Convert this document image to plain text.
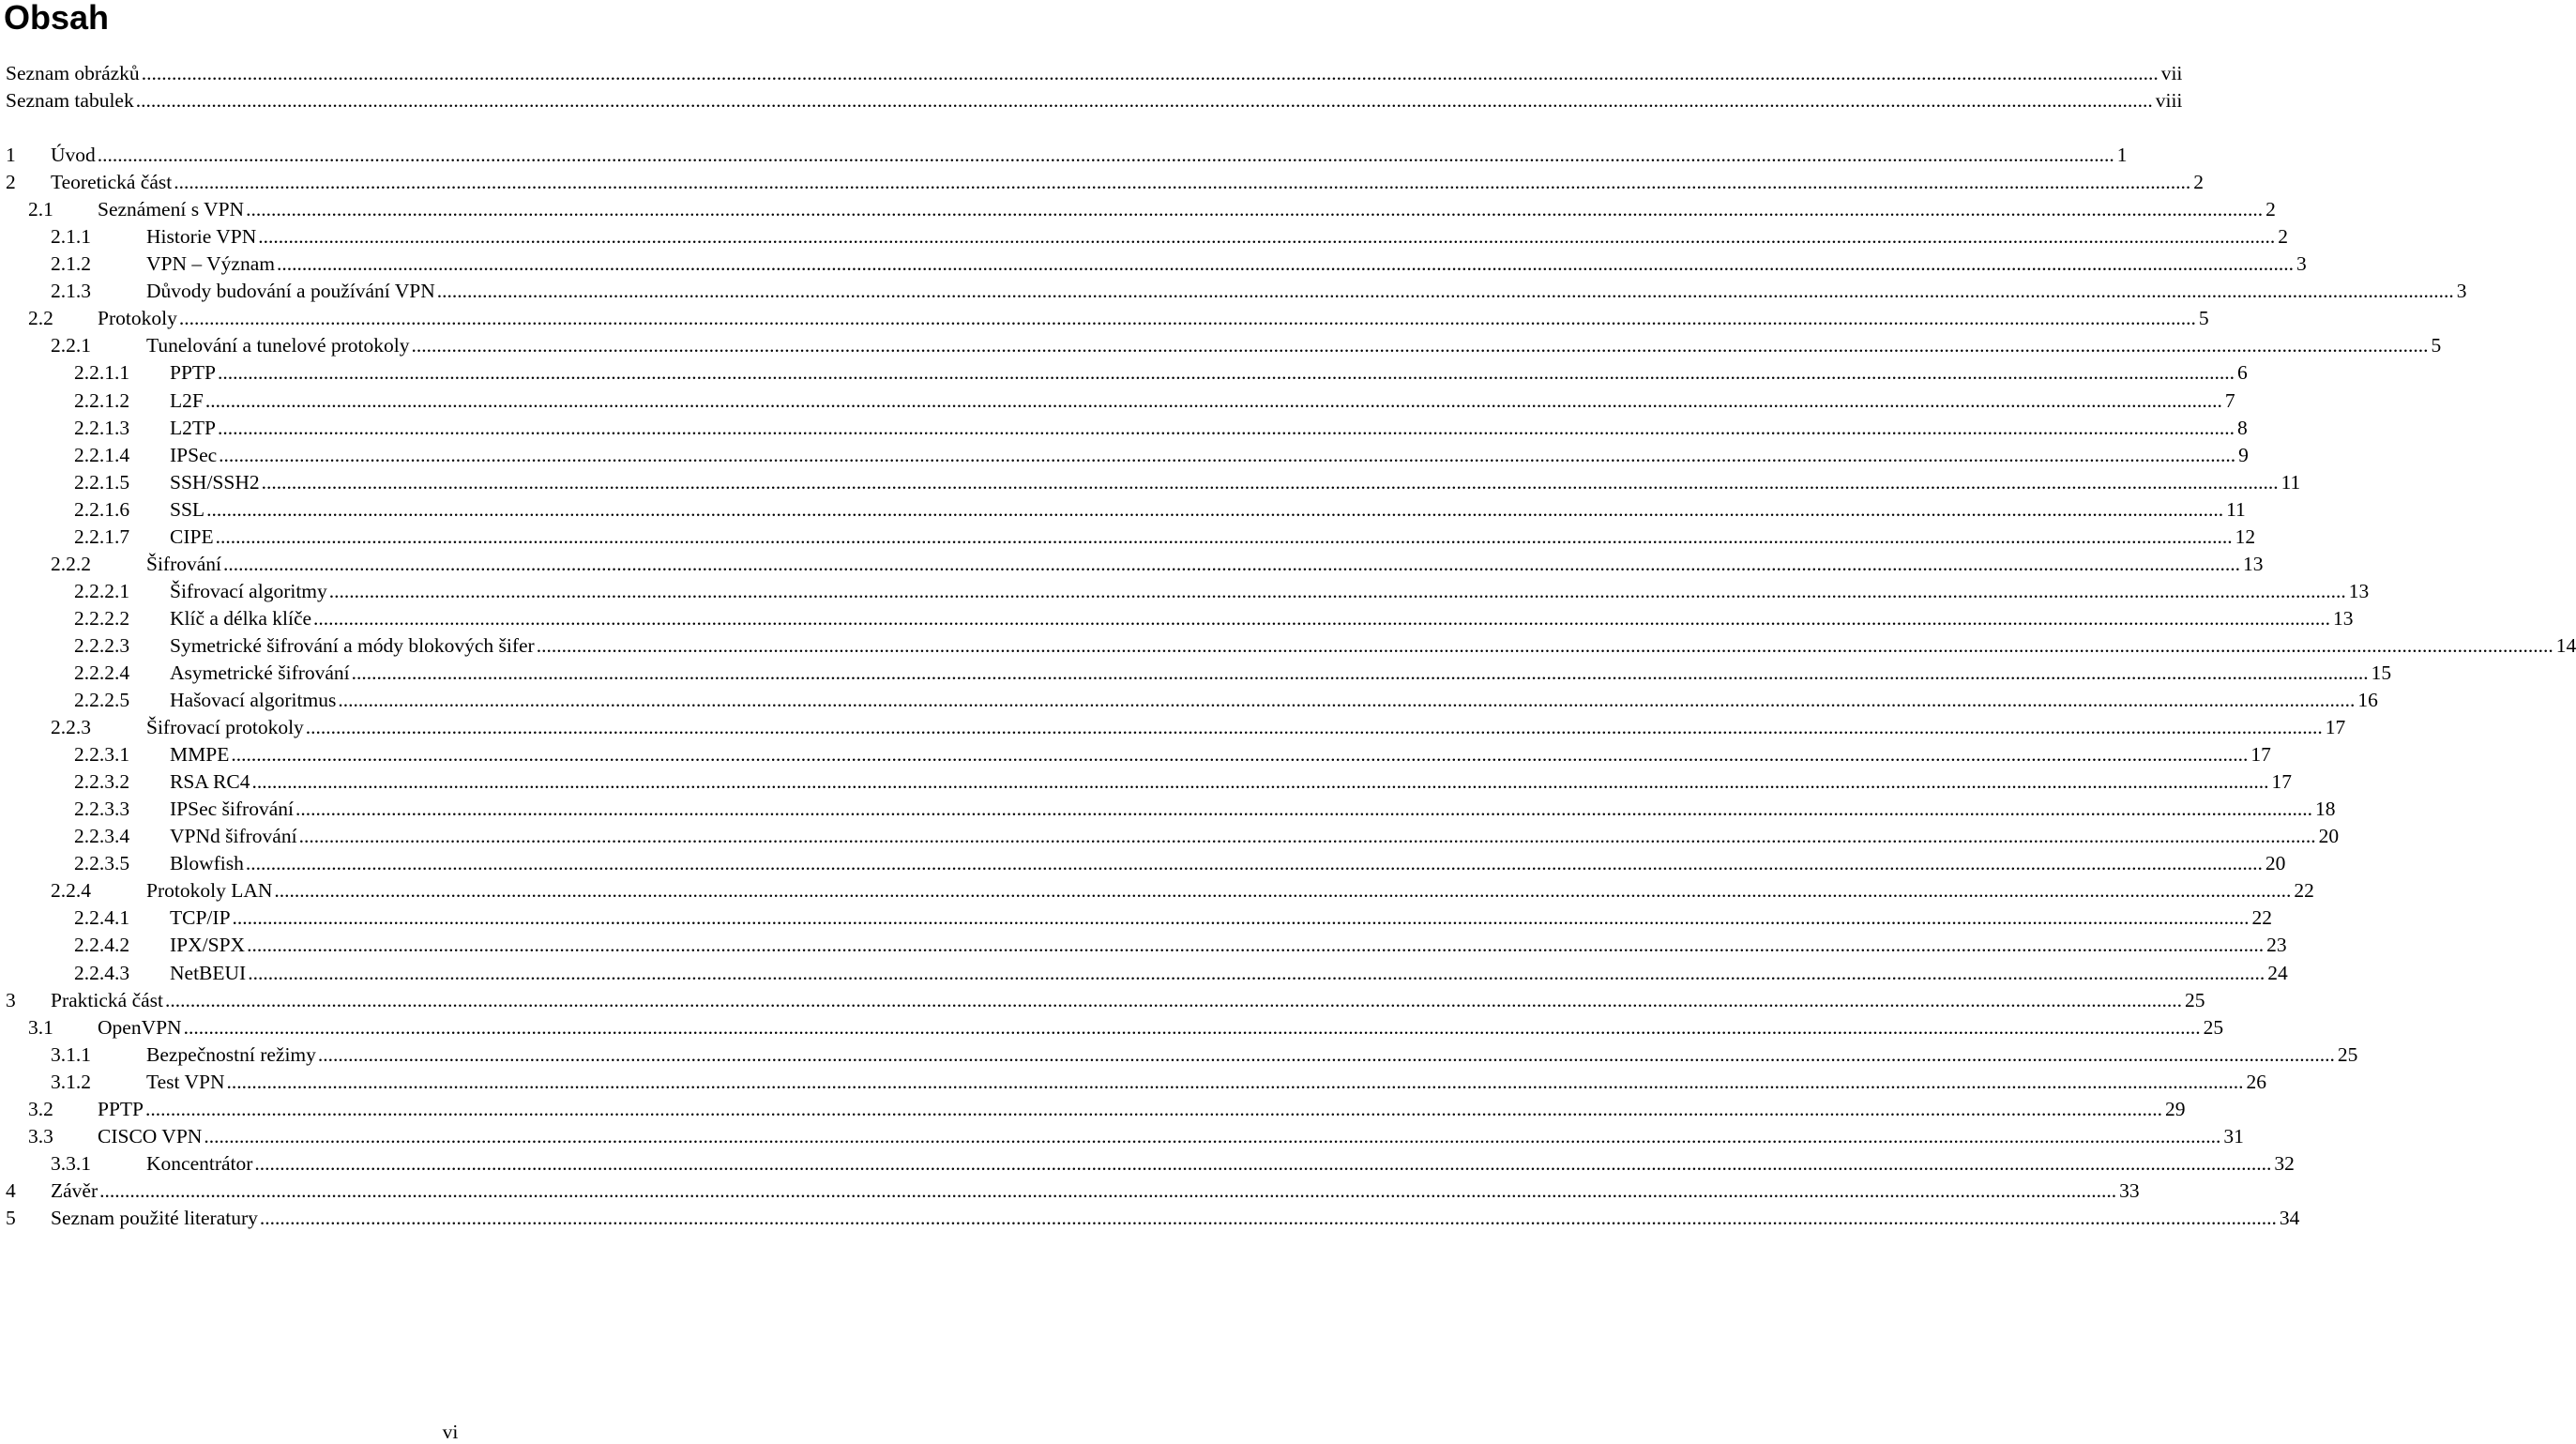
Obsah
Seznam obrázků ................................................................................................................................................................................................................................................................................................................................................................................................................ vii
Seznam tabulek ................................................................................................................................................................................................................................................................................................................................................................................................................ viii
1 Úvod ................................................................................................................................................................................................................................................................................................................................................................................................................ 1
2 Teoretická část ................................................................................................................................................................................................................................................................................................................................................................................................................ 2
2.1 Seznámení s VPN ................................................................................................................................................................................................................................................................................................................................................................................................................ 2
2.1.1	Historie VPN ................................................................................................................................................................................................................................................................................................................................................................................................................ 2
2.1.2	VPN – Význam ................................................................................................................................................................................................................................................................................................................................................................................................................ 3
2.1.3	Důvody budování a používání VPN ................................................................................................................................................................................................................................................................................................................................................................................................................ 3
2.2 Protokoly ................................................................................................................................................................................................................................................................................................................................................................................................................ 5
2.2.1	Tunelování a tunelové protokoly ................................................................................................................................................................................................................................................................................................................................................................................................................ 5
2.2.1.1 PPTP ................................................................................................................................................................................................................................................................................................................................................................................................................ 6
2.2.1.2 L2F ................................................................................................................................................................................................................................................................................................................................................................................................................ 7
2.2.1.3 L2TP ................................................................................................................................................................................................................................................................................................................................................................................................................ 8
2.2.1.4 IPSec ................................................................................................................................................................................................................................................................................................................................................................................................................ 9
2.2.1.5 SSH/SSH2 ................................................................................................................................................................................................................................................................................................................................................................................................................ 11
2.2.1.6 SSL ................................................................................................................................................................................................................................................................................................................................................................................................................ 11
2.2.1.7 CIPE ................................................................................................................................................................................................................................................................................................................................................................................................................ 12
2.2.2	Šifrování ................................................................................................................................................................................................................................................................................................................................................................................................................ 13
2.2.2.1 Šifrovací algoritmy ................................................................................................................................................................................................................................................................................................................................................................................................................ 13
2.2.2.2 Klíč a délka klíče ................................................................................................................................................................................................................................................................................................................................................................................................................ 13
2.2.2.3 Symetrické šifrování a módy blokových šifer ................................................................................................................................................................................................................................................................................................................................................................................................................ 14
2.2.2.4 Asymetrické šifrování ................................................................................................................................................................................................................................................................................................................................................................................................................ 15
2.2.2.5 Hašovací algoritmus ................................................................................................................................................................................................................................................................................................................................................................................................................ 16
2.2.3	Šifrovací protokoly ................................................................................................................................................................................................................................................................................................................................................................................................................ 17
2.2.3.1 MMPE ................................................................................................................................................................................................................................................................................................................................................................................................................ 17
2.2.3.2 RSA RC4 ................................................................................................................................................................................................................................................................................................................................................................................................................ 17
2.2.3.3 IPSec šifrování ................................................................................................................................................................................................................................................................................................................................................................................................................ 18
2.2.3.4 VPNd šifrování ................................................................................................................................................................................................................................................................................................................................................................................................................ 20
2.2.3.5 Blowfish ................................................................................................................................................................................................................................................................................................................................................................................................................ 20
2.2.4	Protokoly LAN ................................................................................................................................................................................................................................................................................................................................................................................................................ 22
2.2.4.1 TCP/IP ................................................................................................................................................................................................................................................................................................................................................................................................................ 22
2.2.4.2 IPX/SPX ................................................................................................................................................................................................................................................................................................................................................................................................................ 23
2.2.4.3 NetBEUI ................................................................................................................................................................................................................................................................................................................................................................................................................ 24
3 Praktická část ................................................................................................................................................................................................................................................................................................................................................................................................................ 25
3.1 OpenVPN ................................................................................................................................................................................................................................................................................................................................................................................................................ 25
3.1.1	Bezpečnostní režimy ................................................................................................................................................................................................................................................................................................................................................................................................................ 25
3.1.2	Test VPN ................................................................................................................................................................................................................................................................................................................................................................................................................ 26
3.2 PPTP ................................................................................................................................................................................................................................................................................................................................................................................................................ 29
3.3 CISCO VPN ................................................................................................................................................................................................................................................................................................................................................................................................................ 31
3.3.1	Koncentrátor ................................................................................................................................................................................................................................................................................................................................................................................................................ 32
4 Závěr ................................................................................................................................................................................................................................................................................................................................................................................................................ 33
5 Seznam použité literatury ................................................................................................................................................................................................................................................................................................................................................................................................................ 34
vi
